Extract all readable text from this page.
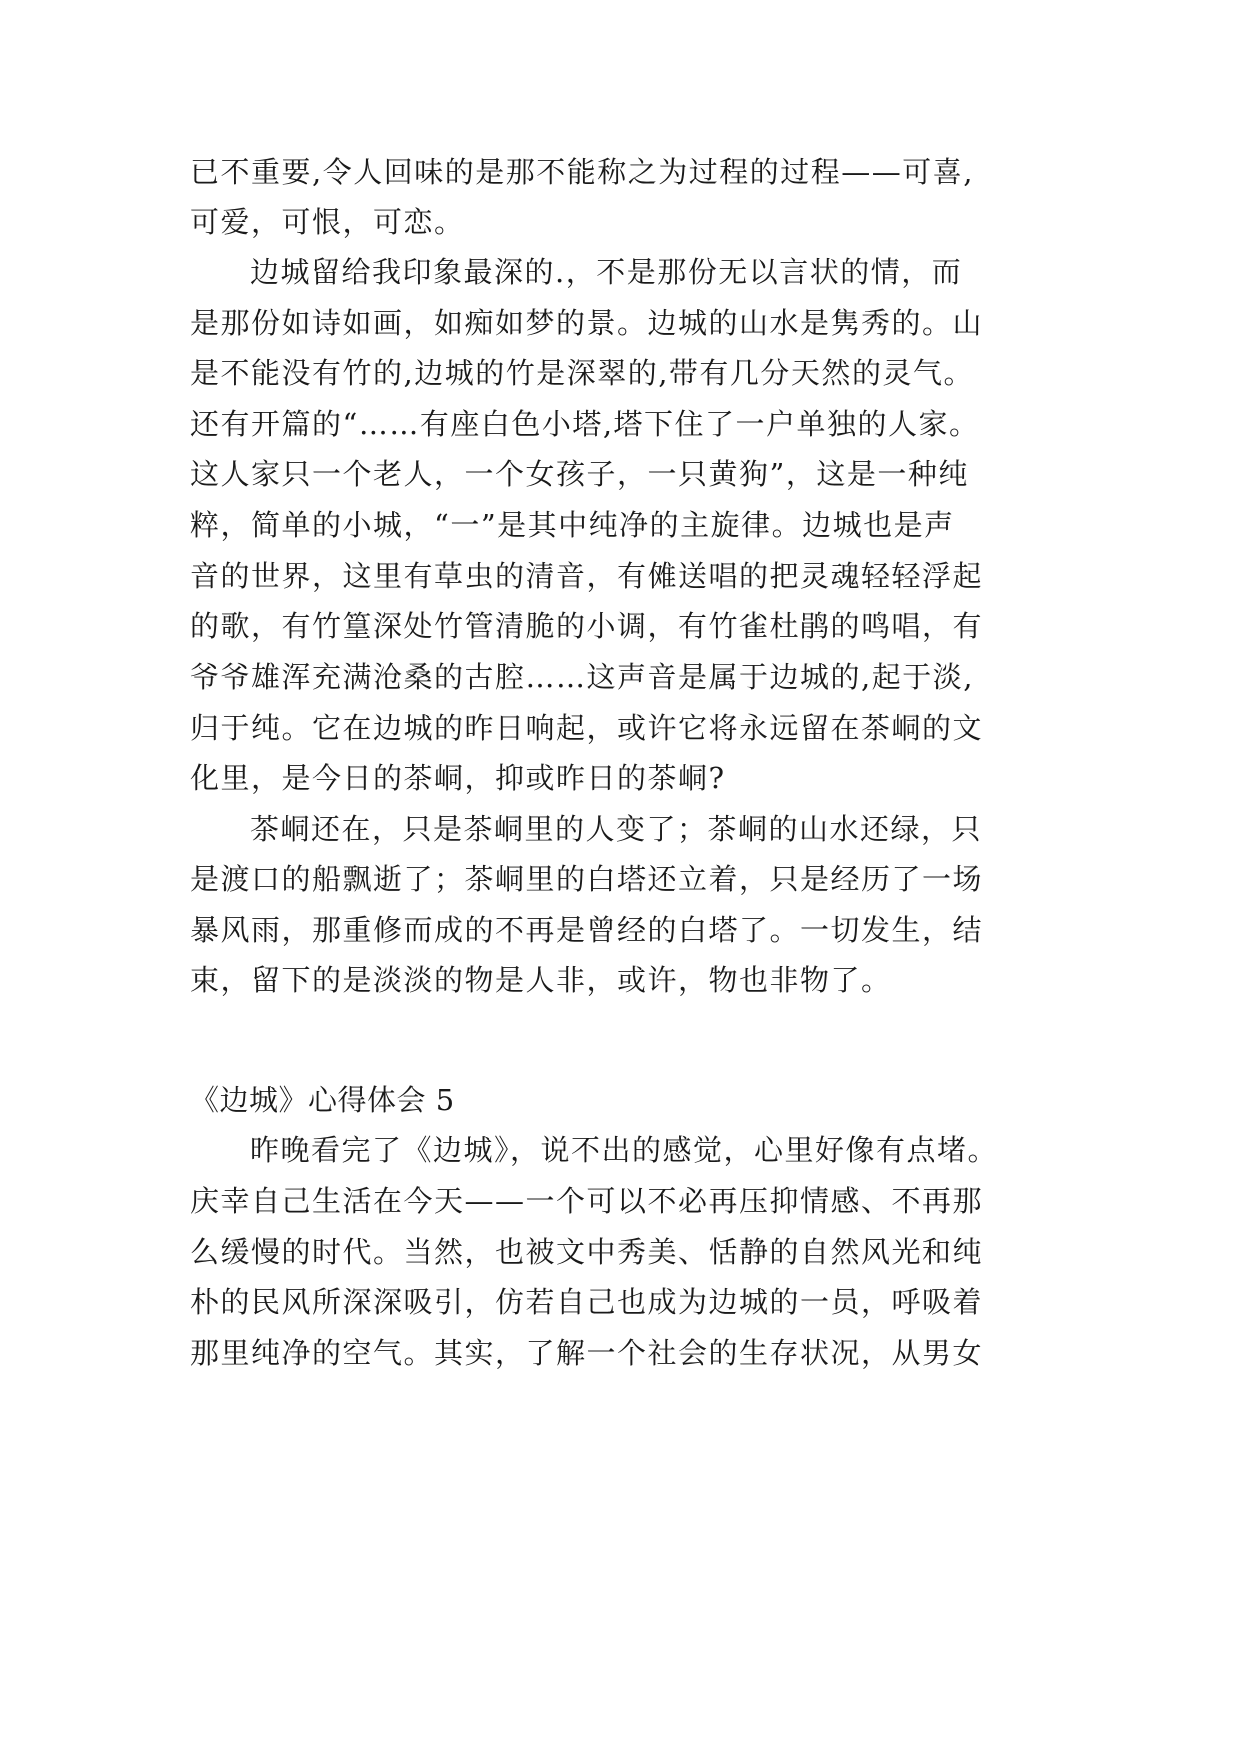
已不重要,令人回味的是那不能称之为过程的过程——可喜,
可爱，可恨，可恋。
边城留给我印象最深的.，不是那份无以言状的情，而
是那份如诗如画，如痴如梦的景。边城的山水是隽秀的。山
是不能没有竹的,边城的竹是深翠的,带有几分天然的灵气。
还有开篇的“……有座白色小塔,塔下住了一户单独的人家。
这人家只一个老人，一个女孩子，一只黄狗”，这是一种纯
粹，简单的小城，“一”是其中纯净的主旋律。边城也是声
音的世界，这里有草虫的清音，有傩送唱的把灵魂轻轻浮起
的歌，有竹篁深处竹管清脆的小调，有竹雀杜鹃的鸣唱，有
爷爷雄浑充满沧桑的古腔……这声音是属于边城的,起于淡,
归于纯。它在边城的昨日响起，或许它将永远留在茶峒的文
化里，是今日的茶峒，抑或昨日的茶峒?
茶峒还在，只是茶峒里的人变了；茶峒的山水还绿，只
是渡口的船飘逝了；茶峒里的白塔还立着，只是经历了一场
暴风雨，那重修而成的不再是曾经的白塔了。一切发生，结
束，留下的是淡淡的物是人非，或许，物也非物了。
《边城》心得体会 5
昨晚看完了《边城》，说不出的感觉，心里好像有点堵。
庆幸自己生活在今天——一个可以不必再压抑情感、不再那
么缓慢的时代。当然，也被文中秀美、恬静的自然风光和纯
朴的民风所深深吸引，仿若自己也成为边城的一员，呼吸着
那里纯净的空气。其实，了解一个社会的生存状况，从男女
